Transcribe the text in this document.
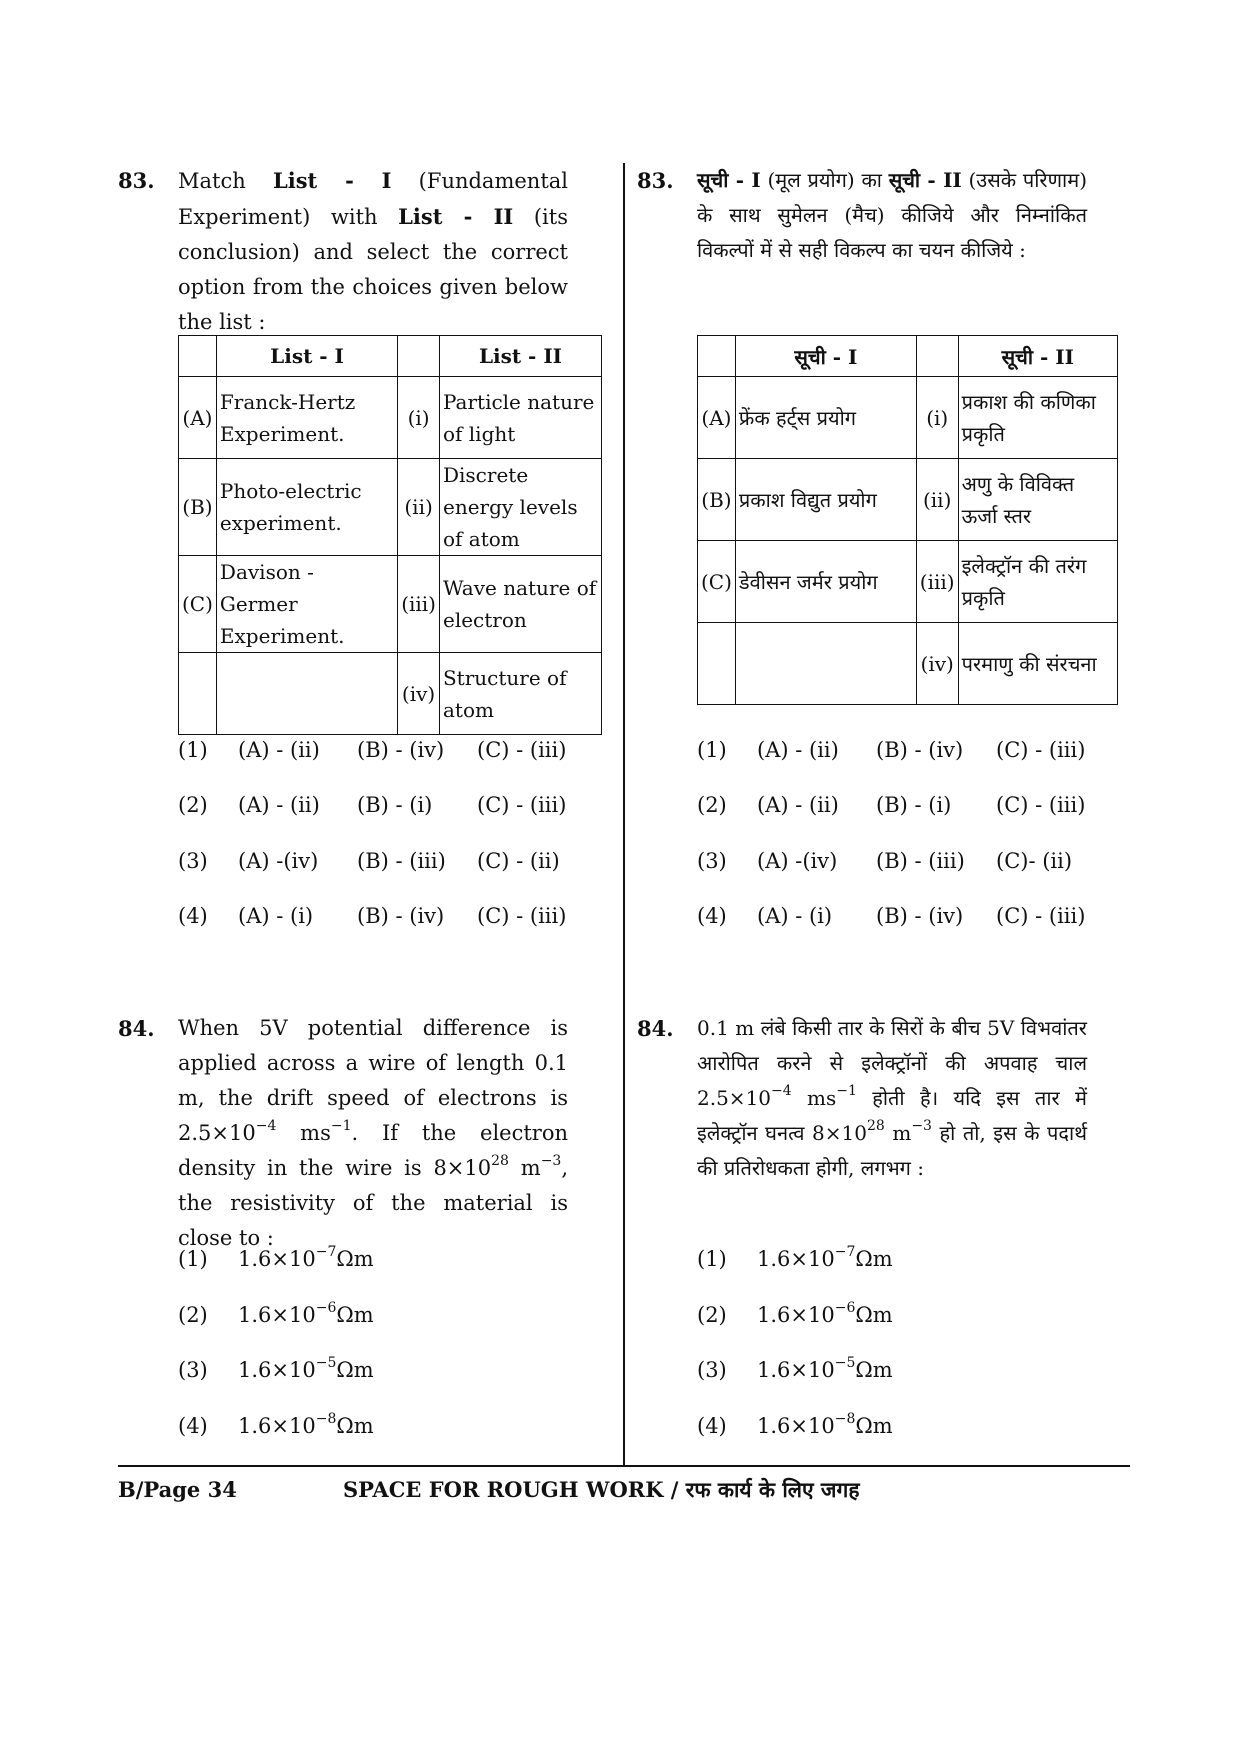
83. Match List - I (Fundamental Experiment) with List - II (its conclusion) and select the correct option from the choices given below the list :
	List - I		List - II
(A)	Franck-Hertz Experiment.	(i)	Particle nature of light
(B)	Photo-electric experiment.	(ii)	Discrete energy levels of atom
(C)	Davison - Germer Experiment.	(iii)	Wave nature of electron
		(iv)	Structure of atom
(1) (A) - (ii) (B) - (iv) (C) - (iii)
(2) (A) - (ii) (B) - (i) (C) - (iii)
(3) (A) -(iv) (B) - (iii) (C) - (ii)
(4) (A) - (i) (B) - (iv) (C) - (iii)
84. When 5V potential difference is applied across a wire of length 0.1 m, the drift speed of electrons is $2.5\times 10^{-4}$ $ms^{-1}$. If the electron density in the wire is $8\times 10^{28}$ $m^{-3}$, the resistivity of the material is close to :
(1) $1.6\times 10^{-7}\Omega m$
(2) $1.6\times 10^{-6}\Omega m$
(3) $1.6\times 10^{-5}\Omega m$
(4) $1.6\times 10^{-8}\Omega m$
83. सूची - I (मूल प्रयोग) का सूची - II (उसके परिणाम) के साथ सुमेलन (मैच) कीजिये और निम्नांकित विकल्पों में से सही विकल्प का चयन कीजिये :
	सूची - I		सूची - II
(A)	फ्रेंक हर्ट्स प्रयोग	(i)	प्रकाश की कणिका प्रकृति
(B)	प्रकाश विद्युत प्रयोग	(ii)	अणु के विविक्त ऊर्जा स्तर
(C)	डेवीसन जर्मर प्रयोग	(iii)	इलेक्ट्रॉन की तरंग प्रकृति
		(iv)	परमाणु की संरचना
(1) (A) - (ii) (B) - (iv) (C) - (iii)
(2) (A) - (ii) (B) - (i) (C) - (iii)
(3) (A) -(iv) (B) - (iii) (C)- (ii)
(4) (A) - (i) (B) - (iv) (C) - (iii)
84. 0.1 m लंबे किसी तार के सिरों के बीच 5V विभवांतर आरोपित करने से इलेक्ट्रॉनों की अपवाह चाल $2.5\times 10^{-4}$ $ms^{-1}$ होती है। यदि इस तार में इलेक्ट्रॉन घनत्व $8\times 10^{28}$ $m^{-3}$ हो तो, इस के पदार्थ की प्रतिरोधकता होगी, लगभग :
(1) $1.6\times 10^{-7}\Omega m$
(2) $1.6\times 10^{-6}\Omega m$
(3) $1.6\times 10^{-5}\Omega m$
(4) $1.6\times 10^{-8}\Omega m$
B/Page 34	SPACE FOR ROUGH WORK / रफ कार्य के लिए जगह
